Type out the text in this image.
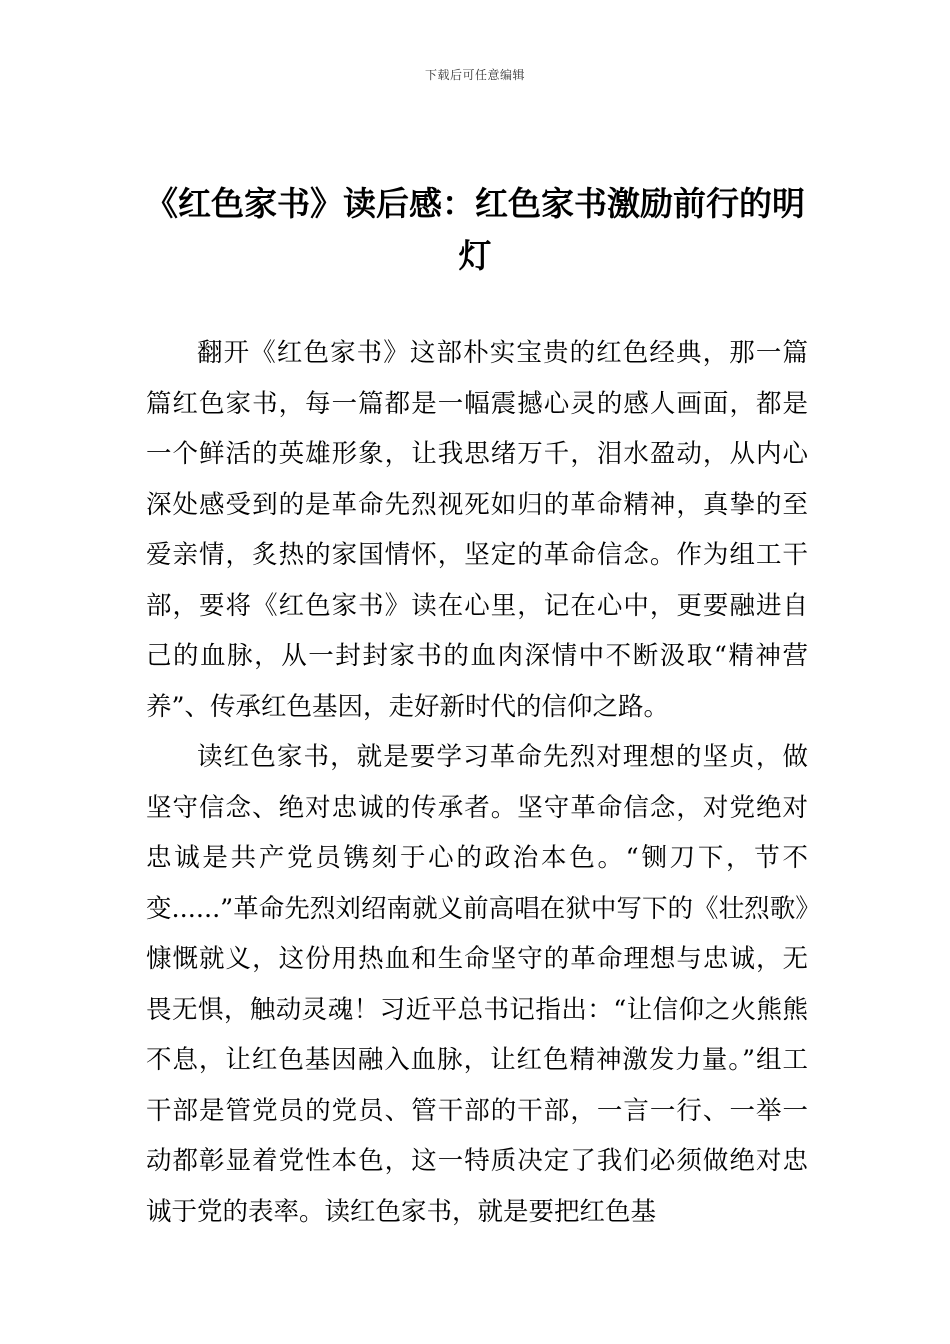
下载后可任意编辑
《红色家书》读后感：红色家书激励前行的明灯

翻开《红色家书》这部朴实宝贵的红色经典，那一篇篇红色家书，每一篇都是一幅震撼心灵的感人画面，都是一个鲜活的英雄形象，让我思绪万千，泪水盈动，从内心深处感受到的是革命先烈视死如归的革命精神，真挚的至爱亲情，炙热的家国情怀，坚定的革命信念。作为组工干部，要将《红色家书》读在心里，记在心中，更要融进自己的血脉，从一封封家书的血肉深情中不断汲取“精神营养”、传承红色基因，走好新时代的信仰之路。

读红色家书，就是要学习革命先烈对理想的坚贞，做坚守信念、绝对忠诚的传承者。坚守革命信念，对党绝对忠诚是共产党员镌刻于心的政治本色。“铡刀下，节不变......”革命先烈刘绍南就义前高唱在狱中写下的《壮烈歌》慷慨就义，这份用热血和生命坚守的革命理想与忠诚，无畏无惧，触动灵魂！习近平总书记指出：“让信仰之火熊熊不息，让红色基因融入血脉，让红色精神激发力量。”组工干部是管党员的党员、管干部的干部，一言一行、一举一动都彰显着党性本色，这一特质决定了我们必须做绝对忠诚于党的表率。读红色家书，就是要把红色基
